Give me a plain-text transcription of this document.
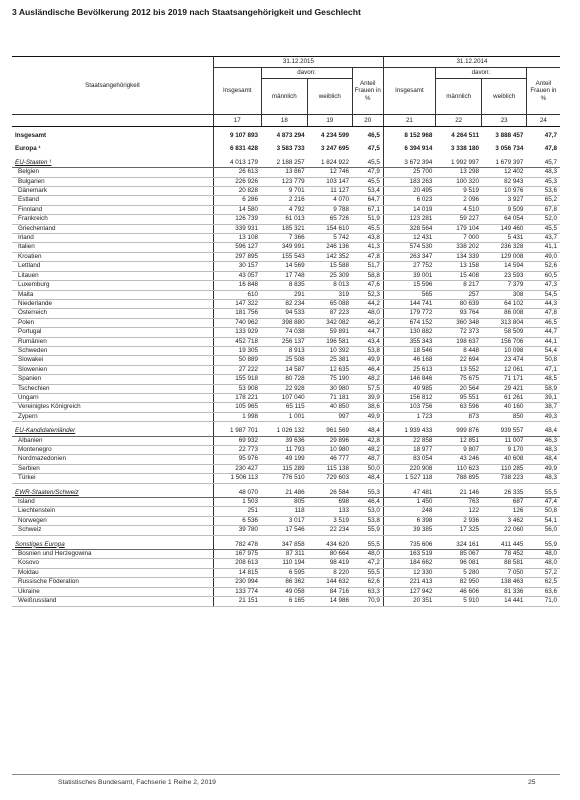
3 Ausländische Bevölkerung 2012 bis 2019 nach Staatsangehörigkeit und Geschlecht
Staatsangehörigkeit	31.12.2015				31.12.2014			
	Insgesamt	davon:		Anteil Frauen in %	Insgesamt	davon:		Anteil Frauen in %
		männlich	weiblich			männlich	weiblich	
	17	18	19	20	21	22	23	24

Insgesamt	9 107 893	4 873 294	4 234 599	46,5	8 152 968	4 264 511	3 888 457	47,7

Europa ¹	6 831 428	3 583 733	3 247 695	47,5	6 394 914	3 338 180	3 056 734	47,8

EU-Staaten ¹	4 013 179	2 188 257	1 824 922	45,5	3 672 394	1 992 997	1 679 397	45,7
Belgien	26 613	13 867	12 746	47,9	25 700	13 298	12 402	48,3
Bulgarien	226 926	123 779	103 147	45,5	183 263	100 320	82 943	45,3
Dänemark	20 828	9 701	11 127	53,4	20 495	9 519	10 976	53,6
Estland	6 286	2 216	4 070	64,7	6 023	2 096	3 927	65,2
Finnland	14 580	4 792	9 788	67,1	14 019	4 510	9 509	67,8
Frankreich	126 739	61 013	65 726	51,9	123 281	59 227	64 054	52,0
Griechenland	339 931	185 321	154 610	45,5	328 564	179 104	149 460	45,5
Irland	13 108	7 366	5 742	43,8	12 431	7 000	5 431	43,7
Italien	596 127	349 991	246 136	41,3	574 530	338 202	236 328	41,1
Kroatien	297 895	155 543	142 352	47,8	263 347	134 339	129 008	49,0
Lettland	30 157	14 569	15 588	51,7	27 752	13 158	14 594	52,6
Litauen	43 057	17 748	25 309	58,8	39 001	15 408	23 593	60,5
Luxemburg	16 848	8 835	8 013	47,6	15 596	8 217	7 379	47,3
Malta	610	291	319	52,3	565	257	308	54,5
Niederlande	147 322	82 234	65 088	44,2	144 741	80 639	64 102	44,3
Österreich	181 756	94 533	87 223	48,0	179 772	93 764	86 008	47,8
Polen	740 962	398 880	342 082	46,2	674 152	360 348	313 804	46,5
Portugal	133 929	74 038	59 891	44,7	130 882	72 373	58 509	44,7
Rumänien	452 718	256 137	196 581	43,4	355 343	198 637	156 706	44,1
Schweden	19 305	8 913	10 392	53,8	18 546	8 448	10 098	54,4
Slowakei	50 889	25 508	25 381	49,9	46 168	22 694	23 474	50,8
Slowenien	27 222	14 587	12 635	46,4	25 613	13 552	12 061	47,1
Spanien	155 918	80 728	75 190	48,2	146 846	75 675	71 171	48,5
Tschechien	53 908	22 928	30 980	57,5	49 985	20 564	29 421	58,9
Ungarn	178 221	107 040	71 181	39,9	156 812	95 551	61 261	39,1
Vereinigtes Königreich	105 965	65 115	40 850	38,6	103 756	63 596	40 160	38,7
Zypern	1 998	1 001	997	49,9	1 723	873	850	49,3

EU-Kandidatenländer	1 987 701	1 026 132	961 569	48,4	1 939 433	999 876	939 557	48,4
Albanien	69 932	39 636	29 896	42,8	22 858	12 851	11 007	46,3
Montenegro	22 773	11 793	10 980	48,2	18 977	9 807	9 170	48,3
Nordmazedonien	95 976	49 199	46 777	48,7	83 054	43 246	40 608	48,4
Serbien	230 427	115 289	115 138	50,0	220 908	110 623	110 285	49,9
Türkei	1 506 113	776 510	729 603	48,4	1 527 118	788 895	738 223	48,3

EWR-Staaten/Schweiz	48 070	21 486	26 584	55,3	47 481	21 146	26 335	55,5
Island	1 503	805	698	46,4	1 450	763	687	47,4
Liechtenstein	251	118	133	53,0	248	122	126	50,8
Norwegen	6 536	3 017	3 519	53,8	6 398	2 936	3 462	54,1
Schweiz	39 780	17 546	22 234	55,9	39 385	17 325	22 060	56,0

Sonstiges Europa	782 478	347 858	434 620	55,5	735 606	324 161	411 445	55,9
Bosnien und Herzegowina	167 975	87 311	80 664	48,0	163 519	85 067	78 452	48,0
Kosovo	208 613	110 194	98 419	47,2	184 662	96 081	88 581	48,0
Moldau	14 815	6 595	8 220	55,5	12 330	5 280	7 050	57,2
Russische Föderation	230 994	86 362	144 632	62,6	221 413	82 950	138 463	62,5
Ukraine	133 774	49 058	84 716	63,3	127 942	46 606	81 336	63,6
Weißrussland	21 151	6 165	14 986	70,9	20 351	5 910	14 441	71,0
Statistisches Bundesamt, Fachserie 1 Reihe 2, 2019	25
